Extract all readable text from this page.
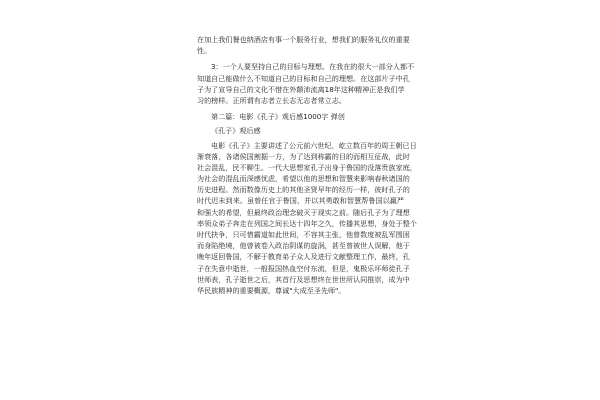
在加上我们餐也纳酒店有事一个服务行业，想我们的服务礼仪的重要

性。

3：一个人要坚持自己的目标与理想。在我在的很大一部分人都不

知道自己能做什么不知道自己的目标和自己的理想。在这部片子中孔

子为了宣导自己的文化不惜在外颠沛流离18年这种精神正是我们学

习的榜样。正所谓有志者立长志无志者常立志。

第二篇：电影《孔子》观后感1000字 弹创

《孔子》观后感

电影《孔子》主要讲述了公元前六世纪，屹立数百年的周王朝已日

渐衰落，各诸侯国割据一方，为了达到称霸的目的而相互征战，此时

社会混乱，民不聊生。一代大思想家孔子出身于鲁国的没落贵族家庭，

为社会的混乱而深感忧虑，希望以他的思想和智慧来影响春秋诸国的

历史进程。然而数像历史上的其他圣贤早年的经历一样，彼时孔子的

时代迟未到来。虽曾任官于鲁国，并以其勇敢和智慧帮鲁国以赢严

和强大的希望，但最终政治理念破灭于现实之前。随后孔子为了理想

率领众弟子奔走在列国之间长达十四年之久，传播其思想，身处于整个

时代抉争，只可惜霸道如此世间，不容其主张，他曾数度被乱军围困

而身陷绝境，他曾被卷入政治阴谋的旋涡，甚至曾被世人误解，他于

晚年返回鲁国，不解于教育弟子众人及进行文献整理工作，最终，孔

子在失意中逝世，一般报国热血空付东流，但是，鬼极乐坏师徒孔子

世师表，孔子逝世之后，其首行及思想终在世世所认同推崇，成为中

华民族精神的重要概源，尊诚"大成至圣先师"。
